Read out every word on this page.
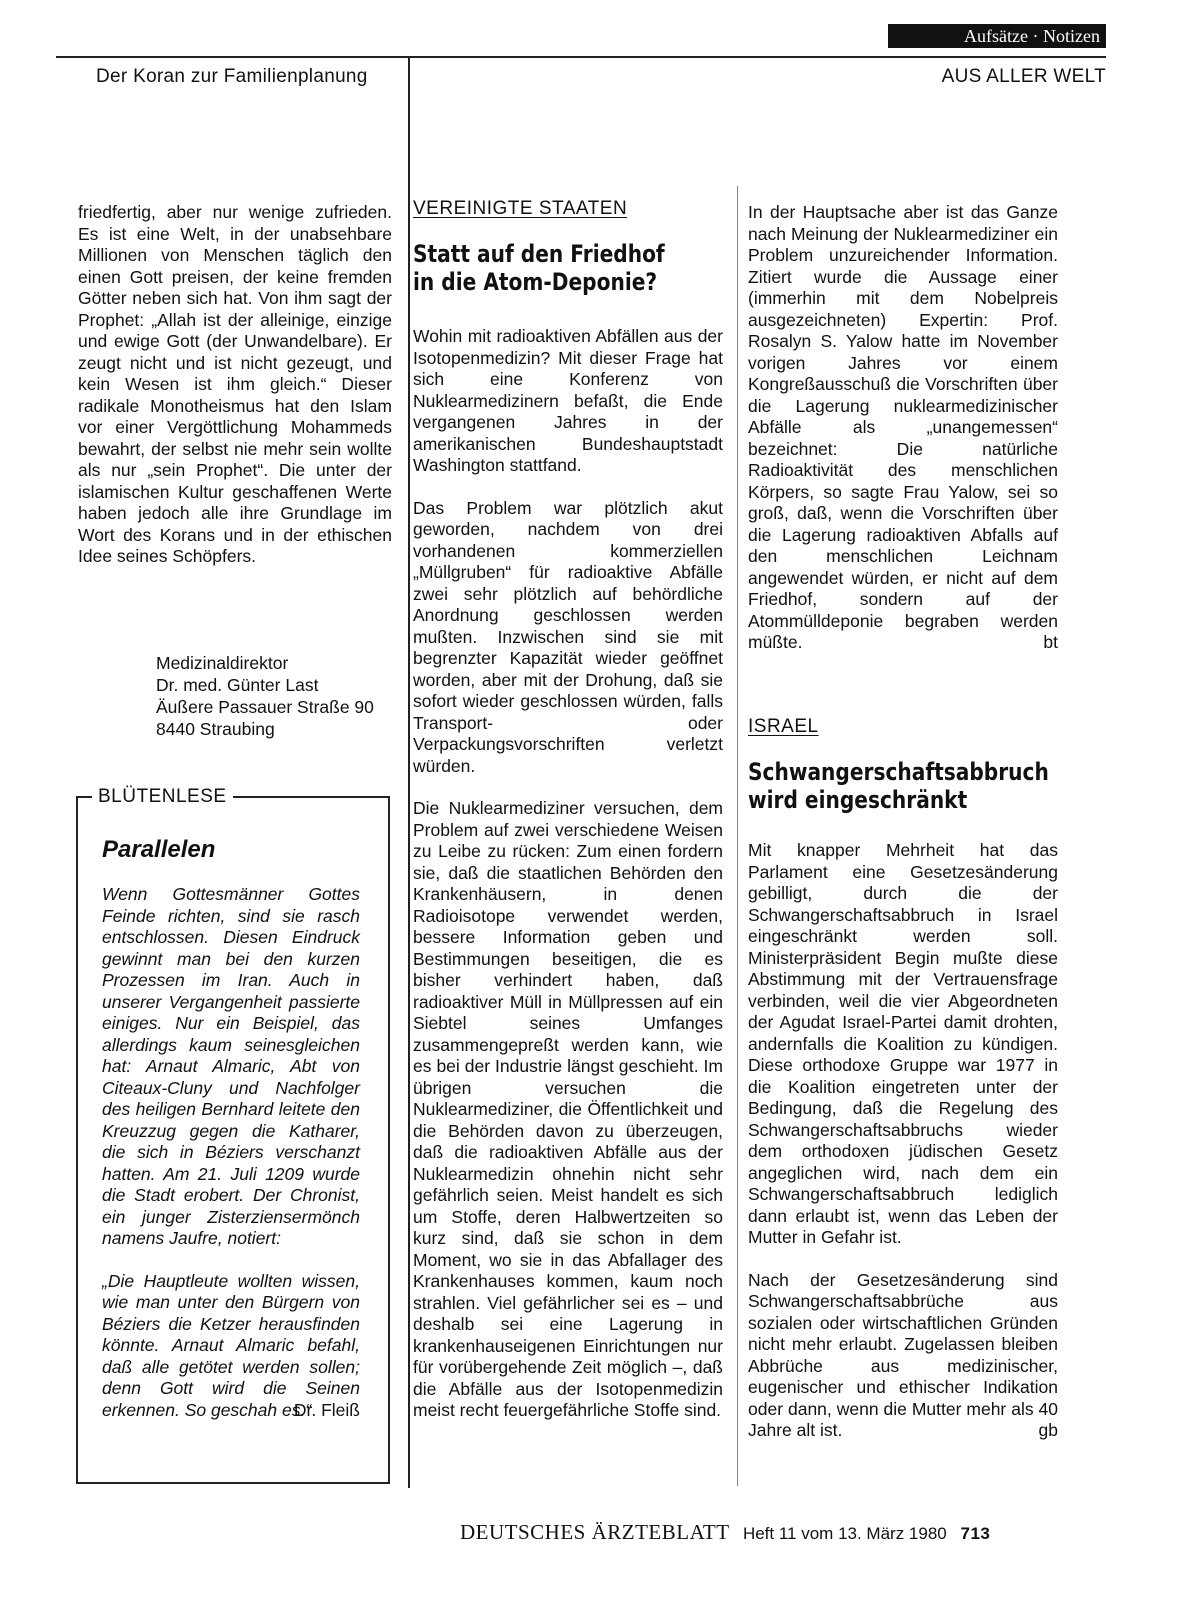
Aufsätze · Notizen
Der Koran zur Familienplanung	AUS ALLER WELT

friedfertig, aber nur wenige zufrieden. Es ist eine Welt, in der unabsehbare Millionen von Menschen täglich den einen Gott preisen, der keine fremden Götter neben sich hat. Von ihm sagt der Prophet: „Allah ist der alleinige, einzige und ewige Gott (der Unwandelbare). Er zeugt nicht und ist nicht gezeugt, und kein Wesen ist ihm gleich.“ Dieser radikale Monotheismus hat den Islam vor einer Vergöttlichung Mohammeds bewahrt, der selbst nie mehr sein wollte als nur „sein Prophet“. Die unter der islamischen Kultur geschaffenen Werte haben jedoch alle ihre Grundlage im Wort des Korans und in der ethischen Idee seines Schöpfers.

Medizinaldirektor
Dr. med. Günter Last
Äußere Passauer Straße 90
8440 Straubing
BLÜTENLESE
Parallelen

Wenn Gottesmänner Gottes Feinde richten, sind sie rasch entschlossen. Diesen Eindruck gewinnt man bei den kurzen Prozessen im Iran. Auch in unserer Vergangenheit passierte einiges. Nur ein Beispiel, das allerdings kaum seinesgleichen hat: Arnaut Almaric, Abt von Citeaux-Cluny und Nachfolger des heiligen Bernhard leitete den Kreuzzug gegen die Katharer, die sich in Béziers verschanzt hatten. Am 21. Juli 1209 wurde die Stadt erobert. Der Chronist, ein junger Zisterziensermönch namens Jaufre, notiert:

„Die Hauptleute wollten wissen, wie man unter den Bürgern von Béziers die Ketzer herausfinden könnte. Arnaut Almaric befahl, daß alle getötet werden sollen; denn Gott wird die Seinen erkennen. So geschah es.“

Dr. Fleiß
VEREINIGTE STAATEN
Statt auf den Friedhof
in die Atom-Deponie?

Wohin mit radioaktiven Abfällen aus der Isotopenmedizin? Mit dieser Frage hat sich eine Konferenz von Nuklearmedizinern befaßt, die Ende vergangenen Jahres in der amerikanischen Bundeshauptstadt Washington stattfand.

Das Problem war plötzlich akut geworden, nachdem von drei vorhandenen kommerziellen „Müllgruben“ für radioaktive Abfälle zwei sehr plötzlich auf behördliche Anordnung geschlossen werden mußten. Inzwischen sind sie mit begrenzter Kapazität wieder geöffnet worden, aber mit der Drohung, daß sie sofort wieder geschlossen würden, falls Transport- oder Verpackungsvorschriften verletzt würden.

Die Nuklearmediziner versuchen, dem Problem auf zwei verschiedene Weisen zu Leibe zu rücken: Zum einen fordern sie, daß die staatlichen Behörden den Krankenhäusern, in denen Radioisotope verwendet werden, bessere Information geben und Bestimmungen beseitigen, die es bisher verhindert haben, daß radioaktiver Müll in Müllpressen auf ein Siebtel seines Umfanges zusammengepreßt werden kann, wie es bei der Industrie längst geschieht. Im übrigen versuchen die Nuklearmediziner, die Öffentlichkeit und die Behörden davon zu überzeugen, daß die radioaktiven Abfälle aus der Nuklearmedizin ohnehin nicht sehr gefährlich seien. Meist handelt es sich um Stoffe, deren Halbwertzeiten so kurz sind, daß sie schon in dem Moment, wo sie in das Abfallager des Krankenhauses kommen, kaum noch strahlen. Viel gefährlicher sei es – und deshalb sei eine Lagerung in krankenhauseigenen Einrichtungen nur für vorübergehende Zeit möglich –, daß die Abfälle aus der Isotopenmedizin meist recht feuergefährliche Stoffe sind.

In der Hauptsache aber ist das Ganze nach Meinung der Nuklearmediziner ein Problem unzureichender Information. Zitiert wurde die Aussage einer (immerhin mit dem Nobelpreis ausgezeichneten) Expertin: Prof. Rosalyn S. Yalow hatte im November vorigen Jahres vor einem Kongreßausschuß die Vorschriften über die Lagerung nuklearmedizinischer Abfälle als „unangemessen“ bezeichnet: Die natürliche Radioaktivität des menschlichen Körpers, so sagte Frau Yalow, sei so groß, daß, wenn die Vorschriften über die Lagerung radioaktiven Abfalls auf den menschlichen Leichnam angewendet würden, er nicht auf dem Friedhof, sondern auf der Atommülldeponie begraben werden müßte.	bt
ISRAEL
Schwangerschaftsabbruch
wird eingeschränkt

Mit knapper Mehrheit hat das Parlament eine Gesetzesänderung gebilligt, durch die der Schwangerschaftsabbruch in Israel eingeschränkt werden soll. Ministerpräsident Begin mußte diese Abstimmung mit der Vertrauensfrage verbinden, weil die vier Abgeordneten der Agudat Israel-Partei damit drohten, andernfalls die Koalition zu kündigen. Diese orthodoxe Gruppe war 1977 in die Koalition eingetreten unter der Bedingung, daß die Regelung des Schwangerschaftsabbruchs wieder dem orthodoxen jüdischen Gesetz angeglichen wird, nach dem ein Schwangerschaftsabbruch lediglich dann erlaubt ist, wenn das Leben der Mutter in Gefahr ist.

Nach der Gesetzesänderung sind Schwangerschaftsabbrüche aus sozialen oder wirtschaftlichen Gründen nicht mehr erlaubt. Zugelassen bleiben Abbrüche aus medizinischer, eugenischer und ethischer Indikation oder dann, wenn die Mutter mehr als 40 Jahre alt ist.	gb
DEUTSCHES ÄRZTEBLATT Heft 11 vom 13. März 1980 713
